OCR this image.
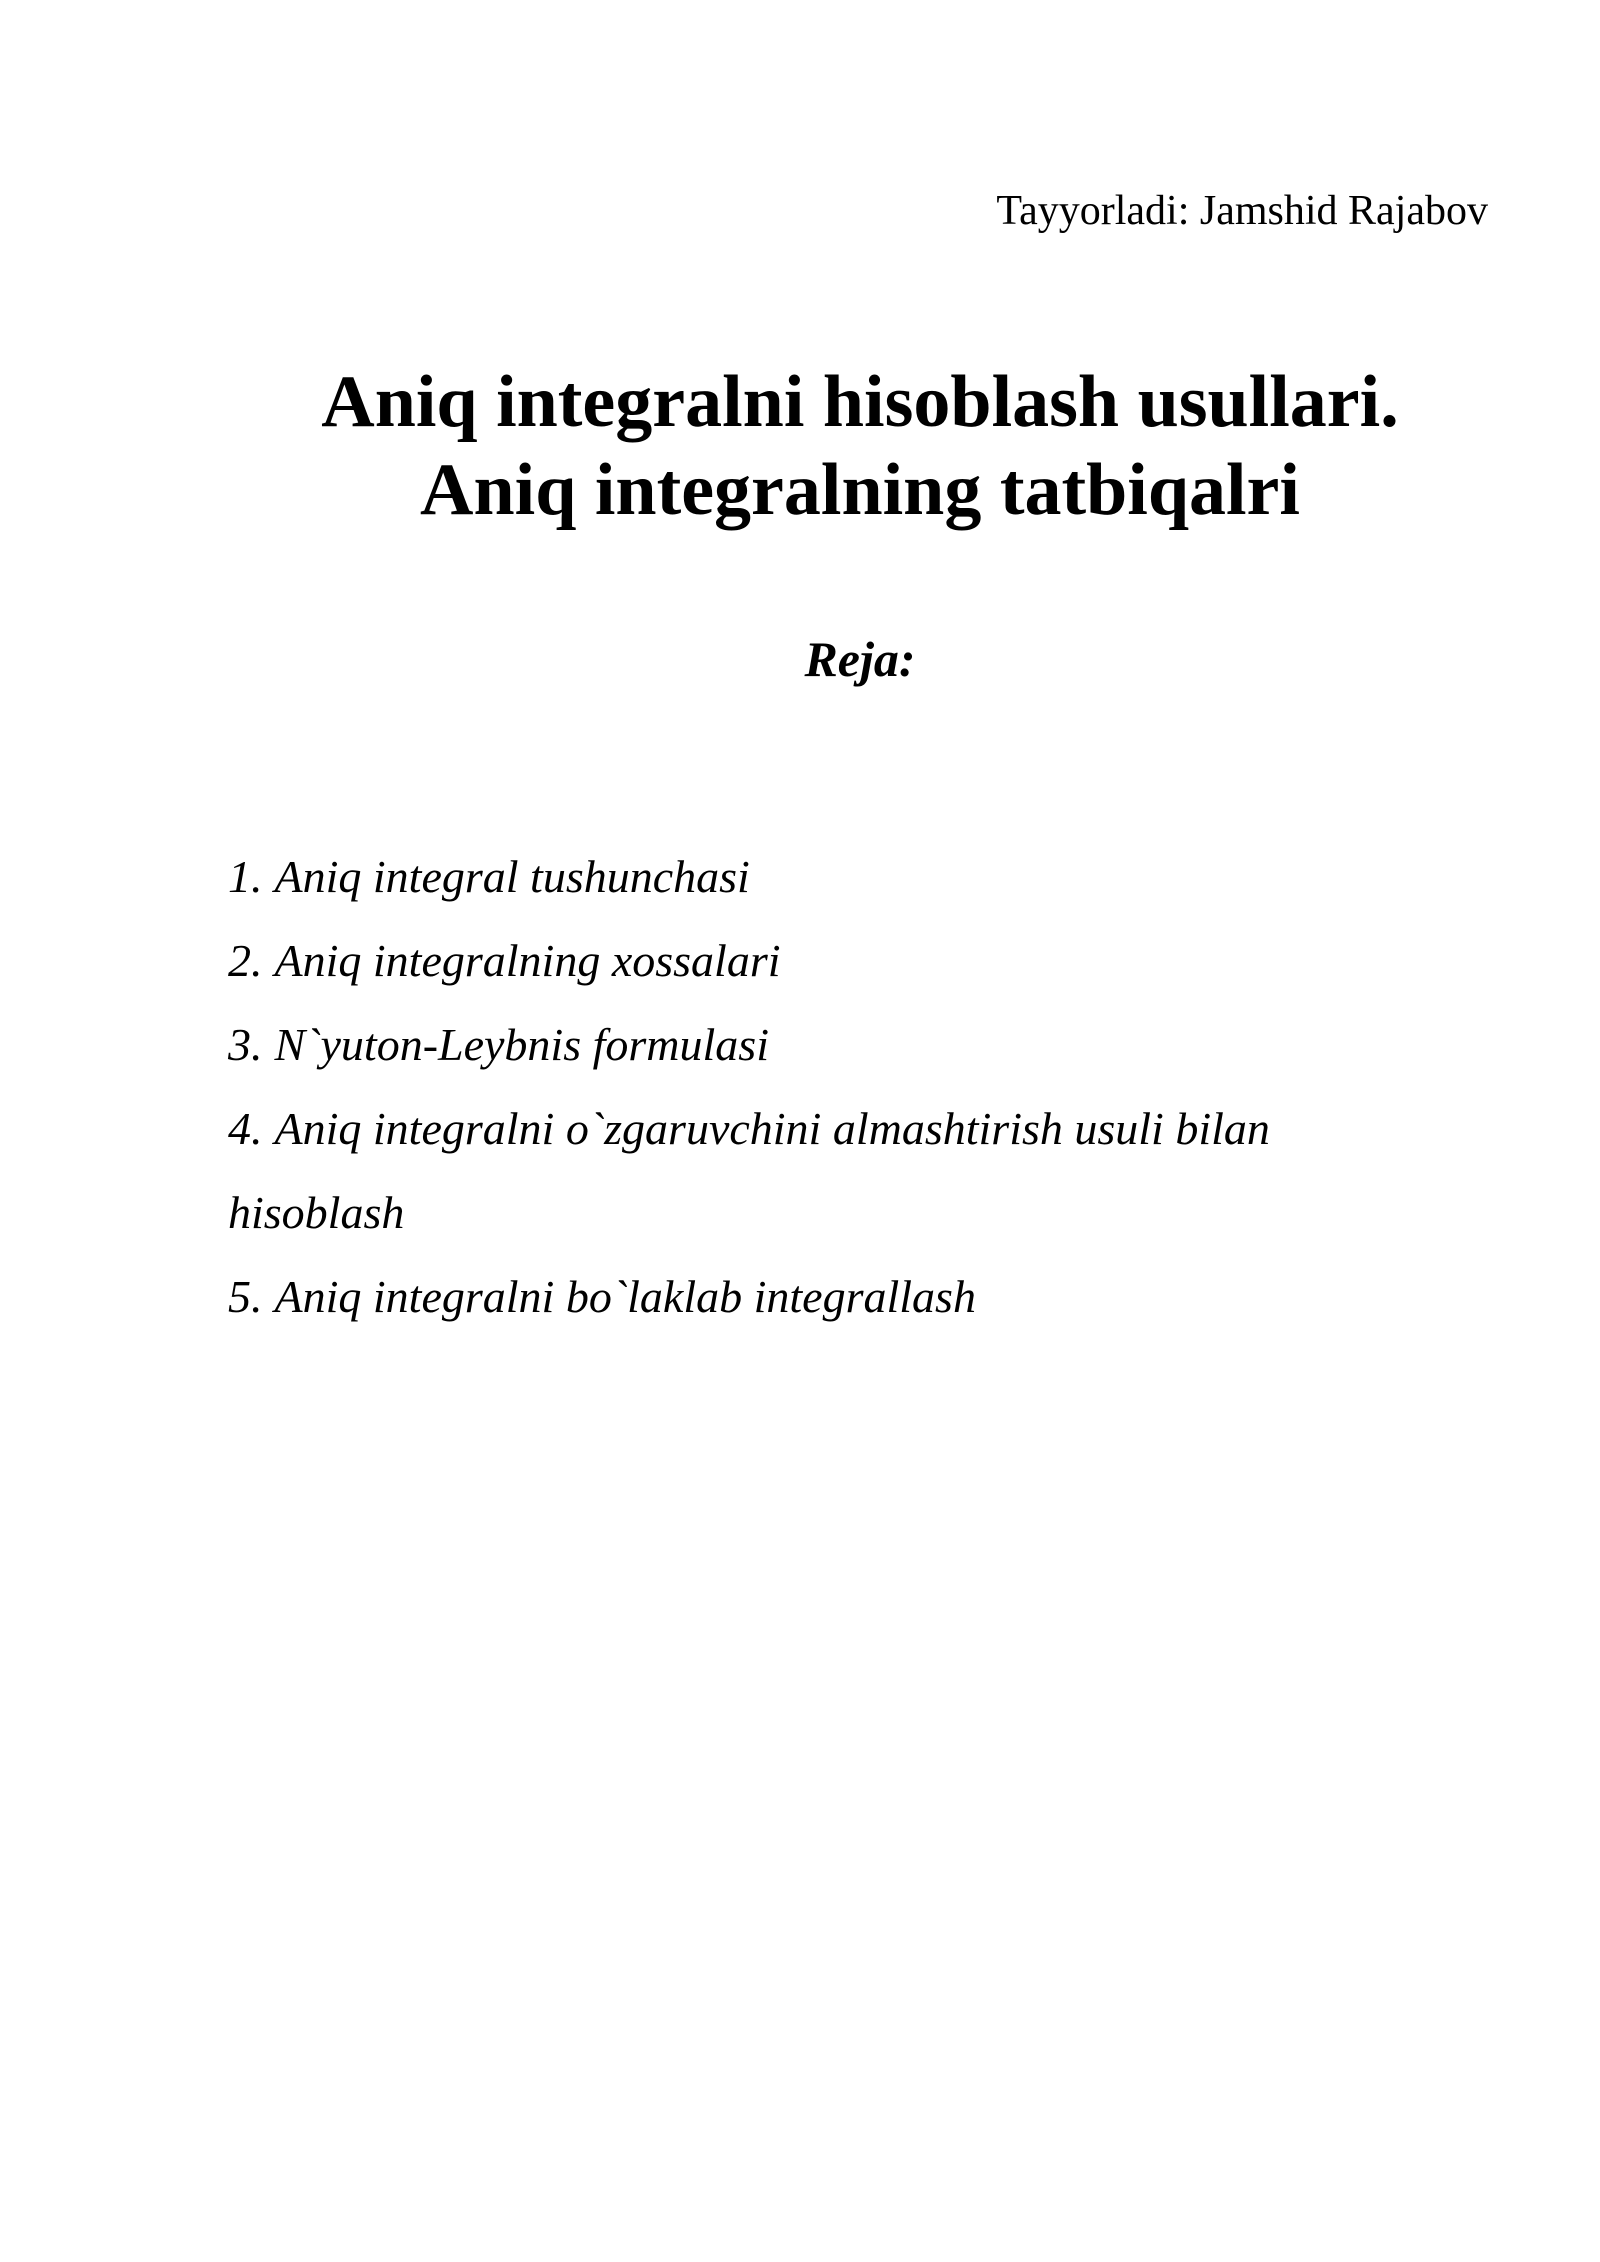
Tayyorladi: Jamshid Rajabov
Aniq integralni hisoblash usullari.
Aniq integralning tatbiqalri
Reja:
1. Aniq integral tushunchasi
2. Aniq integralning xossalari
3. N`yuton-Leybnis formulasi
4. Aniq integralni o`zgaruvchini almashtirish usuli bilan
hisoblash
5. Aniq integralni bo`laklab integrallash
